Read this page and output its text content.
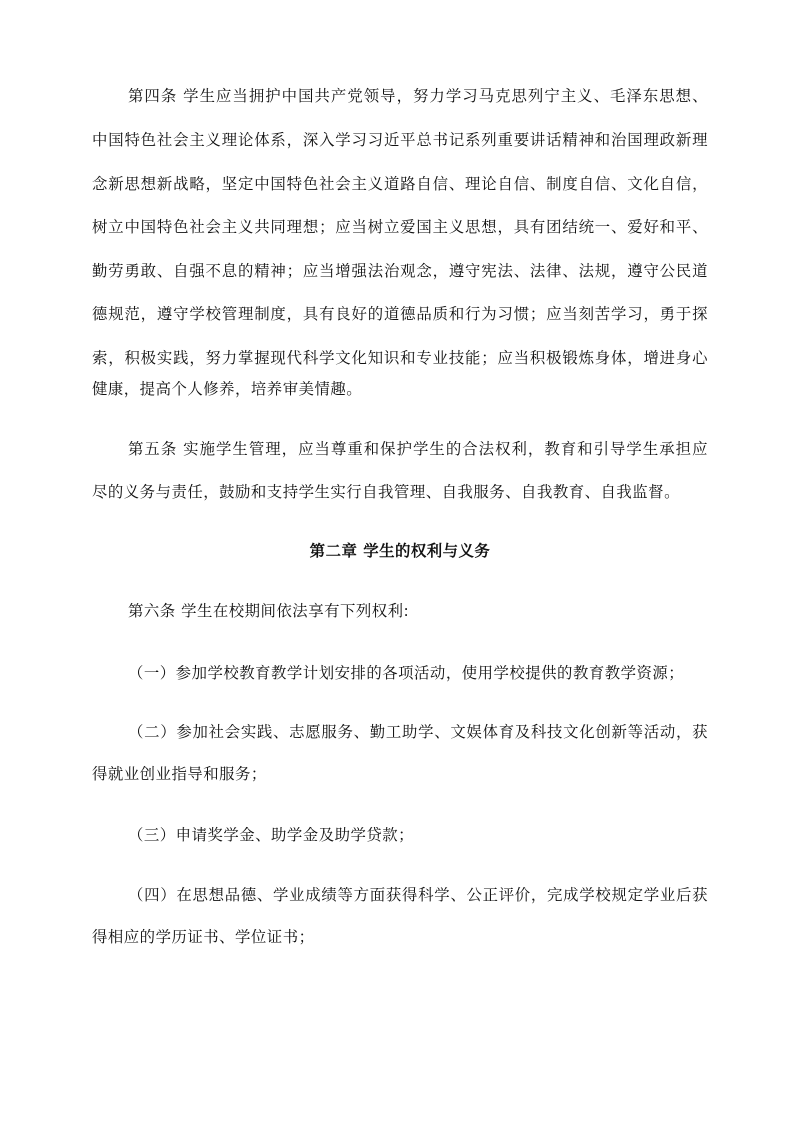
第四条 学生应当拥护中国共产党领导，努力学习马克思列宁主义、毛泽东思想、
中国特色社会主义理论体系，深入学习习近平总书记系列重要讲话精神和治国理政新理
念新思想新战略，坚定中国特色社会主义道路自信、理论自信、制度自信、文化自信，
树立中国特色社会主义共同理想；应当树立爱国主义思想，具有团结统一、爱好和平、
勤劳勇敢、自强不息的精神；应当增强法治观念，遵守宪法、法律、法规，遵守公民道
德规范，遵守学校管理制度，具有良好的道德品质和行为习惯；应当刻苦学习，勇于探
索，积极实践，努力掌握现代科学文化知识和专业技能；应当积极锻炼身体，增进身心
健康，提高个人修养，培养审美情趣。
第五条 实施学生管理，应当尊重和保护学生的合法权利，教育和引导学生承担应
尽的义务与责任，鼓励和支持学生实行自我管理、自我服务、自我教育、自我监督。
第二章 学生的权利与义务
第六条 学生在校期间依法享有下列权利:
（一）参加学校教育教学计划安排的各项活动，使用学校提供的教育教学资源；
（二）参加社会实践、志愿服务、勤工助学、文娱体育及科技文化创新等活动，获
得就业创业指导和服务；
（三）申请奖学金、助学金及助学贷款；
（四）在思想品德、学业成绩等方面获得科学、公正评价，完成学校规定学业后获
得相应的学历证书、学位证书；
